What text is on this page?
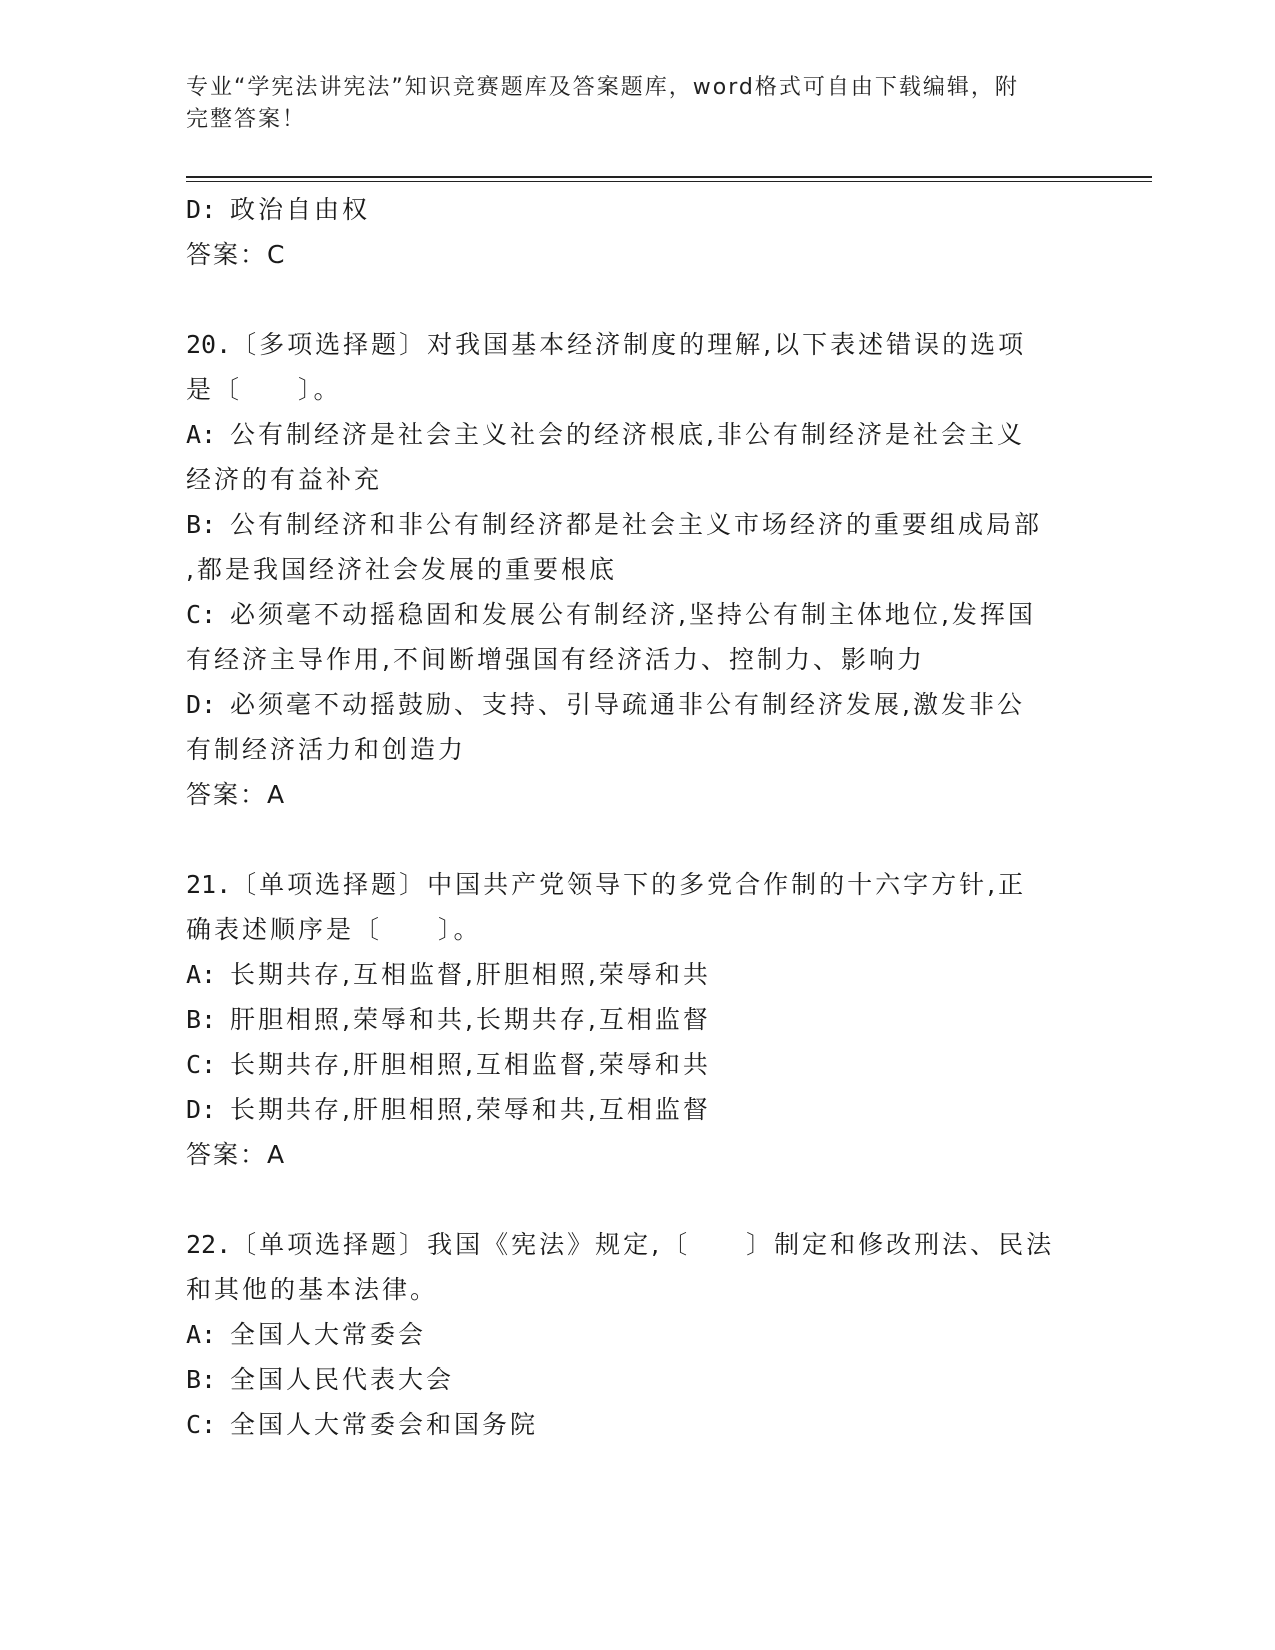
专业“学宪法讲宪法”知识竞赛题库及答案题库，word格式可自由下载编辑，附
完整答案！
D: 政治自由权
答案：C
20.〔多项选择题〕对我国基本经济制度的理解,以下表述错误的选项
是〔　　〕。
A: 公有制经济是社会主义社会的经济根底,非公有制经济是社会主义
经济的有益补充
B: 公有制经济和非公有制经济都是社会主义市场经济的重要组成局部
,都是我国经济社会发展的重要根底
C: 必须毫不动摇稳固和发展公有制经济,坚持公有制主体地位,发挥国
有经济主导作用,不间断增强国有经济活力、控制力、影响力
D: 必须毫不动摇鼓励、支持、引导疏通非公有制经济发展,激发非公
有制经济活力和创造力
答案：A
21.〔单项选择题〕中国共产党领导下的多党合作制的十六字方针,正
确表述顺序是〔　　〕。
A: 长期共存,互相监督,肝胆相照,荣辱和共
B: 肝胆相照,荣辱和共,长期共存,互相监督
C: 长期共存,肝胆相照,互相监督,荣辱和共
D: 长期共存,肝胆相照,荣辱和共,互相监督
答案：A
22.〔单项选择题〕我国《宪法》规定,〔　　〕制定和修改刑法、民法
和其他的基本法律。
A: 全国人大常委会
B: 全国人民代表大会
C: 全国人大常委会和国务院
